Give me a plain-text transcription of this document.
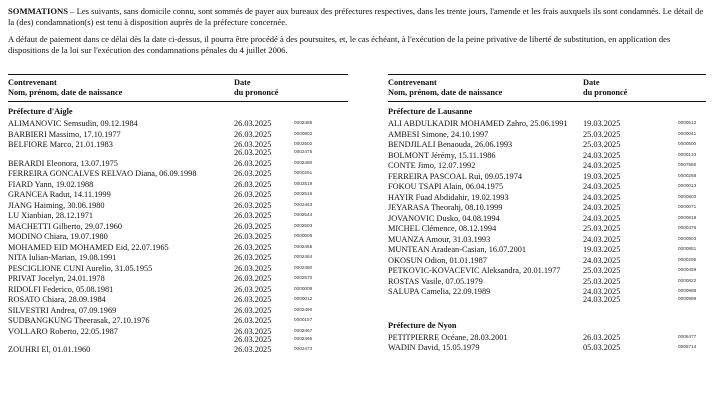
SOMMATIONS – Les suivants, sans domicile connu, sont sommés de payer aux bureaux des préfectures respectives, dans les trente jours, l'amende et les frais auxquels ils sont condamnés. Le détail de la (des) condamnation(s) est tenu à disposition auprès de la préfecture concernée.

A défaut de paiement dans ce délai dès la date ci-dessus, il pourra être procédé à des poursuites, et, le cas échéant, à l'exécution de la peine privative de liberté de substitution, en application des dispositions de la loi sur l'exécution des condamnations pénales du 4 juillet 2006.

Contrevenant
Nom, prénom, date de naissance
Date
du prononcé
Préfecture d'Aigle
ALIMANOVIC Semsudin, 09.12.1984	26.03.2025	0002485
BARBIERI Massimo, 17.10.1977	26.03.2025	0000802
BELFIORE Marco, 21.01.1983	26.03.2025	0002502
26.03.2025	0002475
BERARDI Eleonora, 13.07.1975	26.03.2025	0002480
FERREIRA GONCALVES RELVAO Diana, 06.09.1998	26.03.2025	0000291
FIARD Yann, 19.02.1988	26.03.2025	0002519
GRANCEA Radut, 14.11.1999	26.03.2025	0002516
JIANG Haiming, 30.06.1980	26.03.2025	0002463
LU Xianbian, 28.12.1971	26.03.2025	0002544
MACHETTI Gilberto, 29.07.1960	26.03.2025	0002503
MODINO Chiara, 19.07.1980	26.03.2025	0000005
MOHAMED EID MOHAMED Eid, 22.07.1965	26.03.2025	0002455
NITA Iulian-Marian, 19.08.1991	26.03.2025	0002464
PESCIGLIONE CUNI Aurelio, 31.05.1955	26.03.2025	0002480
PRIVAT Jocelyn, 24.01.1978	26.03.2025	0002570
RIDOLFI Federico, 05.08.1981	26.03.2025	0000008
ROSATO Chiara, 28.09.1984	26.03.2025	0000012
SILVESTRI Andrea, 07.09.1969	26.03.2025	0002490
SUDBANGKUNG Theerasak, 27.10.1976	26.03.2025	0000157
VOLLARO Roberto, 22.05.1987	26.03.2025	0002467
26.03.2025	0002465
ZOUHRI El, 01.01.1960	26.03.2025	0002473
Contrevenant
Nom, prénom, date de naissance
Date
du prononcé
Préfecture de Lausanne
ALI ABDULKADIR MOHAMED Zahro, 25.06.1991 19.03.2025	0000512
AMBESI Simone, 24.10.1997	25.03.2025	0000041
BENDJILALI Benaouda, 26.06.1993	25.03.2025	0000500
BOLMONT Jérémy, 15.11.1986	24.03.2025	0000133
CONTE Jimo, 12.07.1992	24.03.2025	0007950
FERREIRA PASCOAL Rui, 09.05.1974	19.03.2025	0000268
FOKOU TSAPI Alain, 06.04.1975	24.03.2025	0000013
HAYIR Fuad Abdidahir, 19.02.1993	24.03.2025	0000803
JEYARASA Theorahj, 08.10.1999	24.03.2025	0000071
JOVANOVIC Dusko, 04.08.1994	24.03.2025	0000818
MICHEL Clémence, 08.12.1994	25.03.2025	0000476
MUANZA Amour, 31.03.1993	24.03.2025	0000903
MUNTEAN Aradean-Casian, 16.07.2001	19.03.2025	0000851
OKOSUN Odion, 01.01.1987	24.03.2025	0000296
PETKOVIC-KOVACEVIC Aleksandra, 20.01.1977	25.03.2025	0000459
ROSTAS Vasile, 07.05.1979	25.03.2025	0000822
SALUPA Camelia, 22.09.1989	24.03.2025	0000988
24.03.2025	0000989
Préfecture de Nyon
PETITPIERRE Océane, 28.03.2001	26.03.2025	0005477
WADIN David, 15.05.1979	05.03.2025	0005714
